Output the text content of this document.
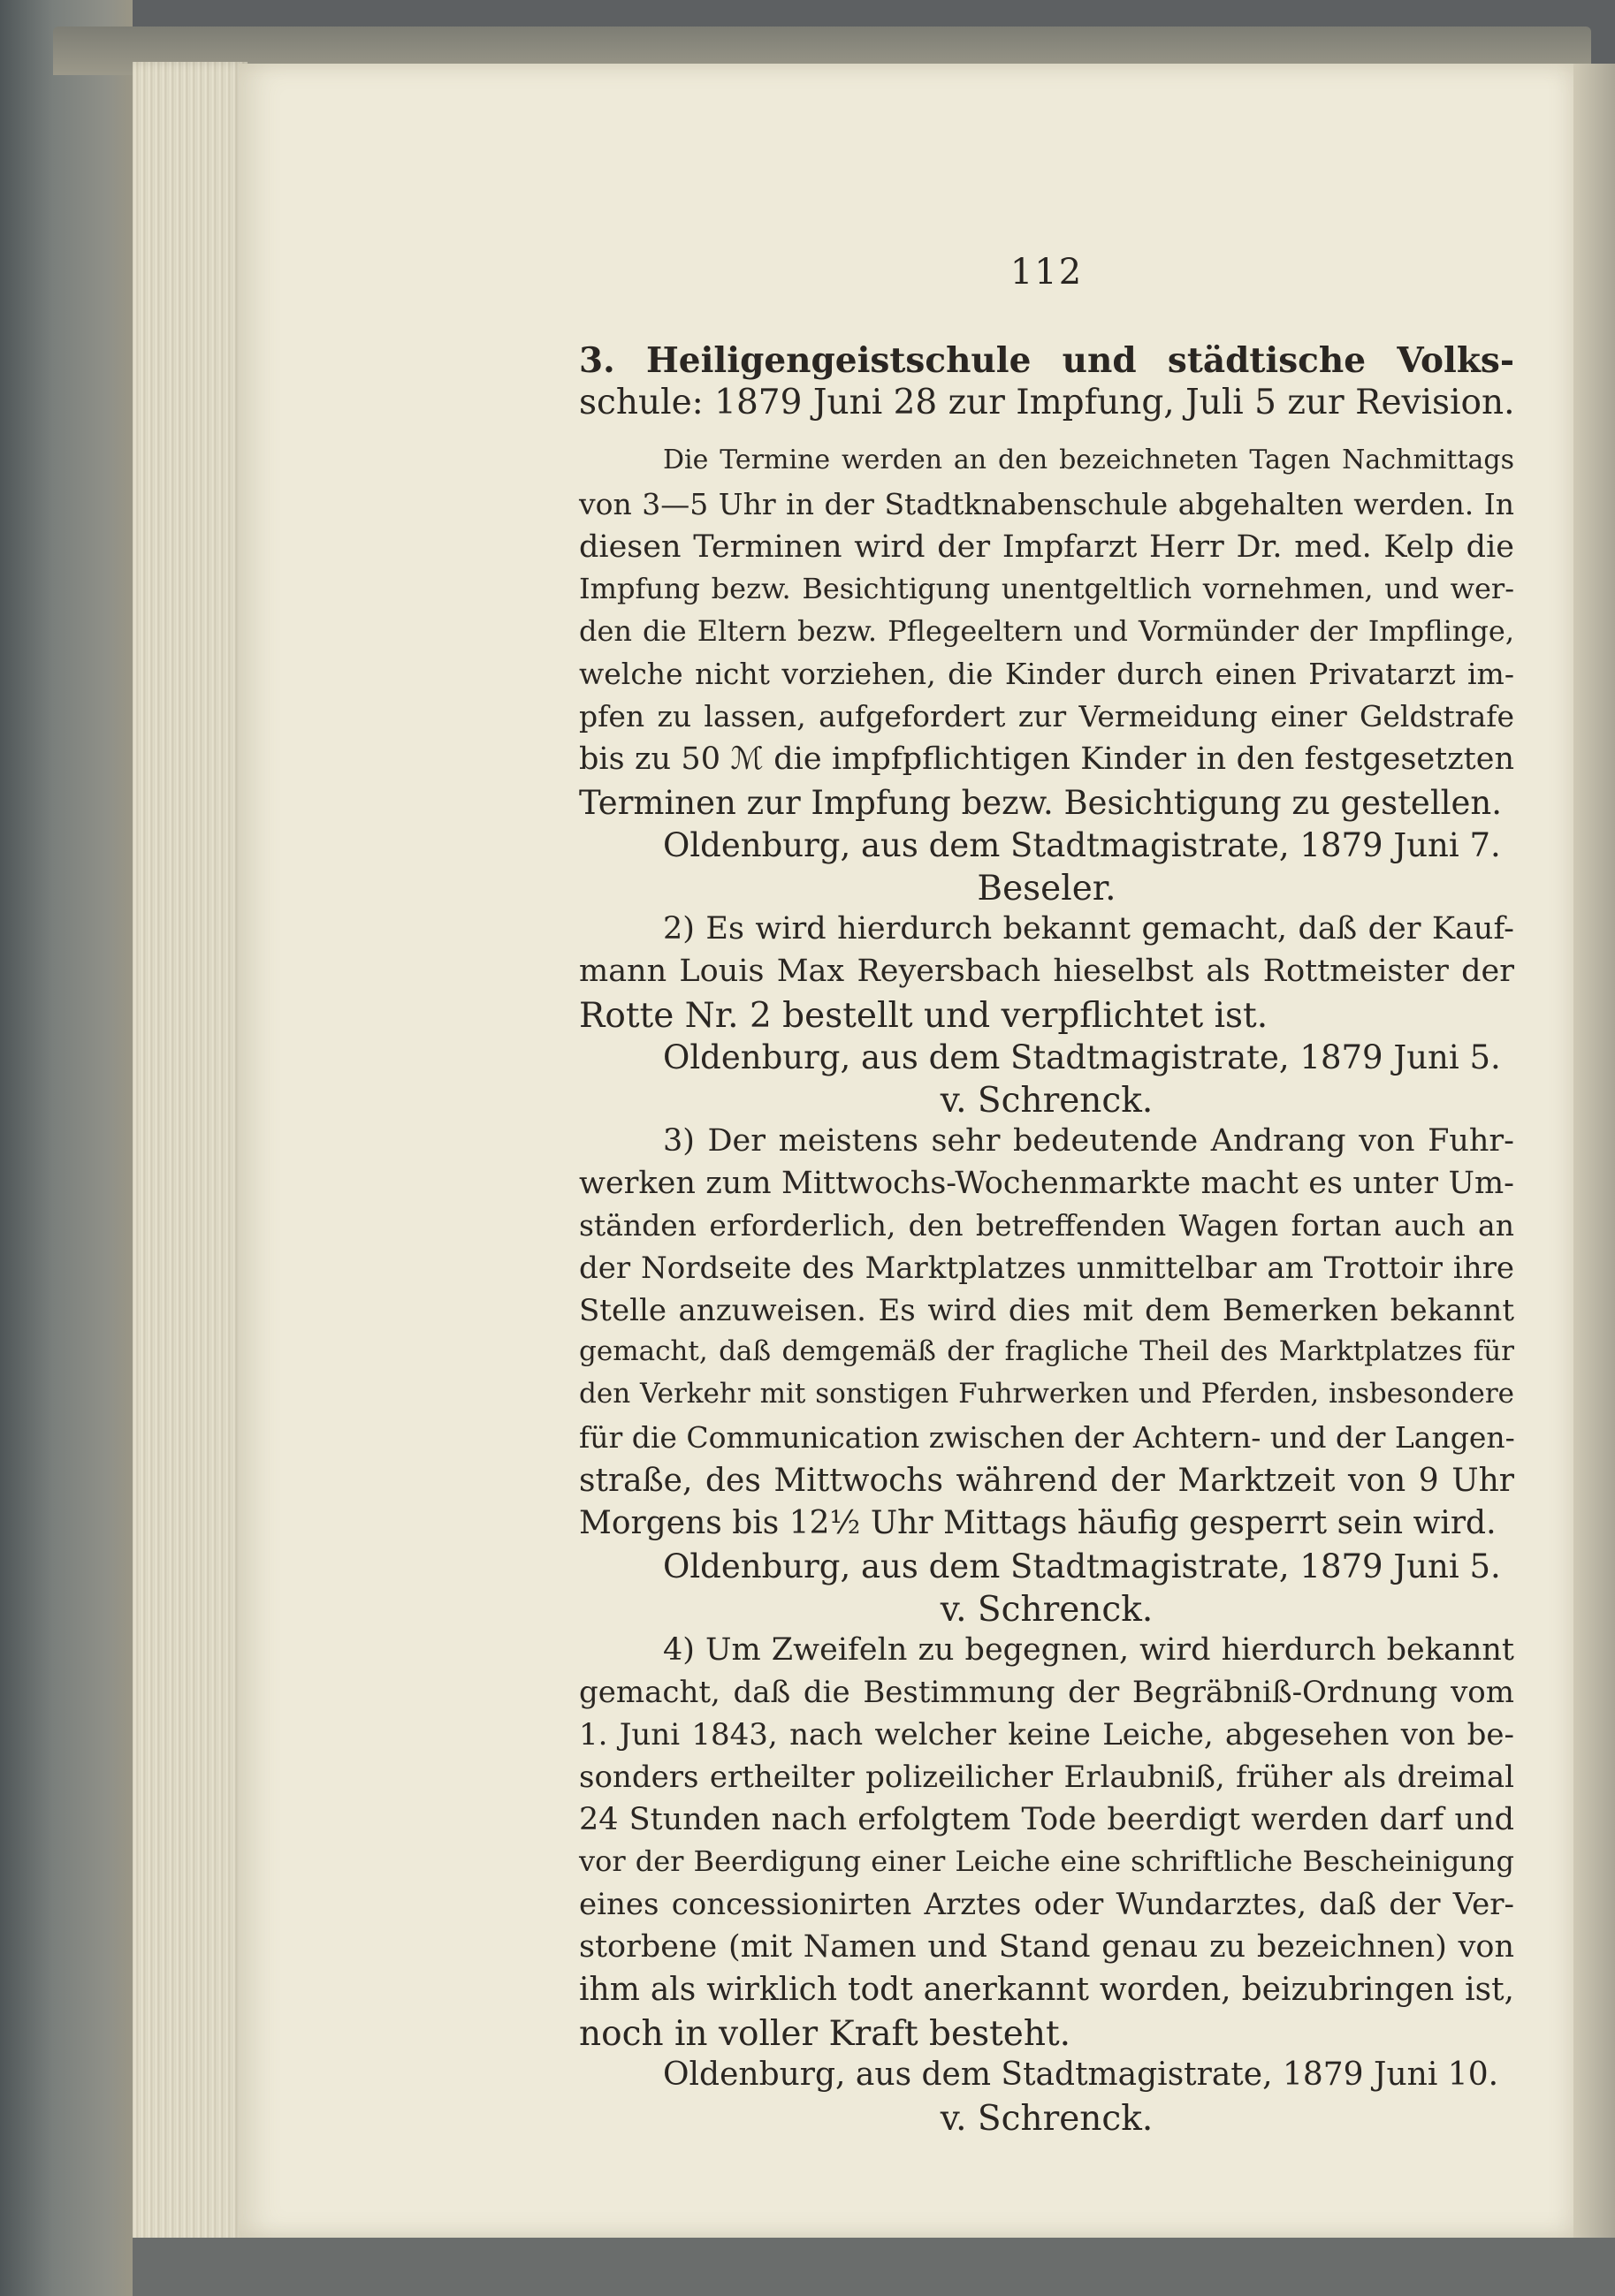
112
3. Heiligengeistschule und städtische Volks-
schule: 1879 Juni 28 zur Impfung, Juli 5 zur Revision.
Die Termine werden an den bezeichneten Tagen Nachmittags
von 3—5 Uhr in der Stadtknabenschule abgehalten werden. In
diesen Terminen wird der Impfarzt Herr Dr. med. Kelp die
Impfung bezw. Besichtigung unentgeltlich vornehmen, und wer-
den die Eltern bezw. Pflegeeltern und Vormünder der Impflinge,
welche nicht vorziehen, die Kinder durch einen Privatarzt im-
pfen zu lassen, aufgefordert zur Vermeidung einer Geldstrafe
bis zu 50 ℳ die impfpflichtigen Kinder in den festgesetzten
Terminen zur Impfung bezw. Besichtigung zu gestellen.
Oldenburg, aus dem Stadtmagistrate, 1879 Juni 7.
Beseler.
2) Es wird hierdurch bekannt gemacht, daß der Kauf-
mann Louis Max Reyersbach hieselbst als Rottmeister der
Rotte Nr. 2 bestellt und verpflichtet ist.
Oldenburg, aus dem Stadtmagistrate, 1879 Juni 5.
v. Schrenck.
3) Der meistens sehr bedeutende Andrang von Fuhr-
werken zum Mittwochs-Wochenmarkte macht es unter Um-
ständen erforderlich, den betreffenden Wagen fortan auch an
der Nordseite des Marktplatzes unmittelbar am Trottoir ihre
Stelle anzuweisen. Es wird dies mit dem Bemerken bekannt
gemacht, daß demgemäß der fragliche Theil des Marktplatzes für
den Verkehr mit sonstigen Fuhrwerken und Pferden, insbesondere
für die Communication zwischen der Achtern- und der Langen-
straße, des Mittwochs während der Marktzeit von 9 Uhr
Morgens bis 12½ Uhr Mittags häufig gesperrt sein wird.
Oldenburg, aus dem Stadtmagistrate, 1879 Juni 5.
v. Schrenck.
4) Um Zweifeln zu begegnen, wird hierdurch bekannt
gemacht, daß die Bestimmung der Begräbniß-Ordnung vom
1. Juni 1843, nach welcher keine Leiche, abgesehen von be-
sonders ertheilter polizeilicher Erlaubniß, früher als dreimal
24 Stunden nach erfolgtem Tode beerdigt werden darf und
vor der Beerdigung einer Leiche eine schriftliche Bescheinigung
eines concessionirten Arztes oder Wundarztes, daß der Ver-
storbene (mit Namen und Stand genau zu bezeichnen) von
ihm als wirklich todt anerkannt worden, beizubringen ist,
noch in voller Kraft besteht.
Oldenburg, aus dem Stadtmagistrate, 1879 Juni 10.
v. Schrenck.
